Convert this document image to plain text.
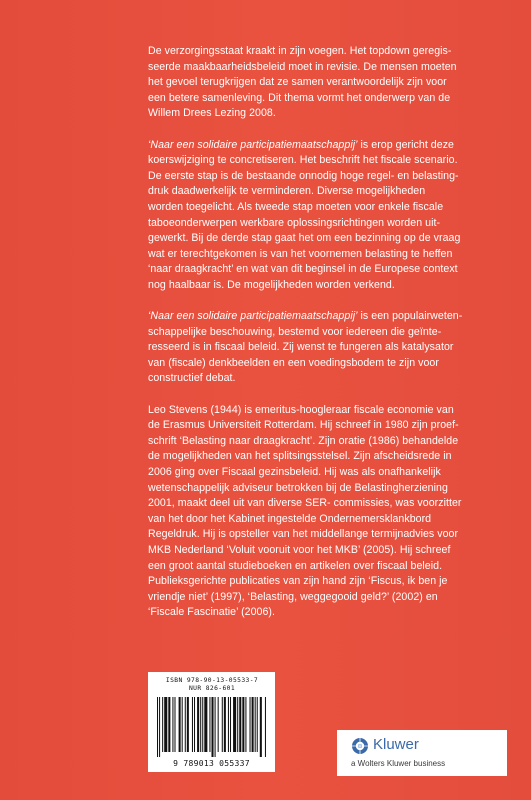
De verzorgingsstaat kraakt in zijn voegen. Het topdown geregis-
seerde maakbaarheidsbeleid moet in revisie. De mensen moeten
het gevoel terugkrijgen dat ze samen verantwoordelijk zijn voor
een betere samenleving. Dit thema vormt het onderwerp van de
Willem Drees Lezing 2008.

‘Naar een solidaire participatiemaatschappij’ is erop gericht deze
koerswijziging te concretiseren. Het beschrift het fiscale scenario.
De eerste stap is de bestaande onnodig hoge regel- en belasting-
druk daadwerkelijk te verminderen. Diverse mogelijkheden
worden toegelicht. Als tweede stap moeten voor enkele fiscale
taboeonderwerpen werkbare oplossingsrichtingen worden uit-
gewerkt. Bij de derde stap gaat het om een bezinning op de vraag
wat er terechtgekomen is van het voornemen belasting te heffen
‘naar draagkracht’ en wat van dit beginsel in de Europese context
nog haalbaar is. De mogelijkheden worden verkend.

‘Naar een solidaire participatiemaatschappij’ is een populairweten-
schappelijke beschouwing, bestemd voor iedereen die geïnte-
resseerd is in fiscaal beleid. Zij wenst te fungeren als katalysator
van (fiscale) denkbeelden en een voedingsbodem te zijn voor
constructief debat.

Leo Stevens (1944) is emeritus-hoogleraar fiscale economie van
de Erasmus Universiteit Rotterdam. Hij schreef in 1980 zijn proef-
schrift ‘Belasting naar draagkracht’. Zijn oratie (1986) behandelde
de mogelijkheden van het splitsingsstelsel. Zijn afscheidsrede in
2006 ging over Fiscaal gezinsbeleid. Hij was als onafhankelijk
wetenschappelijk adviseur betrokken bij de Belastingherziening
2001, maakt deel uit van diverse SER- commissies, was voorzitter
van het door het Kabinet ingestelde Ondernemersklankbord
Regeldruk. Hij is opsteller van het middellange termijnadvies voor
MKB Nederland ‘Voluit vooruit voor het MKB’ (2005). Hij schreef
een groot aantal studieboeken en artikelen over fiscaal beleid.
Publieksgerichte publicaties van zijn hand zijn ‘Fiscus, ik ben je
vriendje niet’ (1997), ‘Belasting, weggegooid geld?’ (2002) en
‘Fiscale Fascinatie’ (2006).

ISBN 978-90-13-05533-7
NUR 826-601
9 789013 055337
Kluwer
a Wolters Kluwer business
